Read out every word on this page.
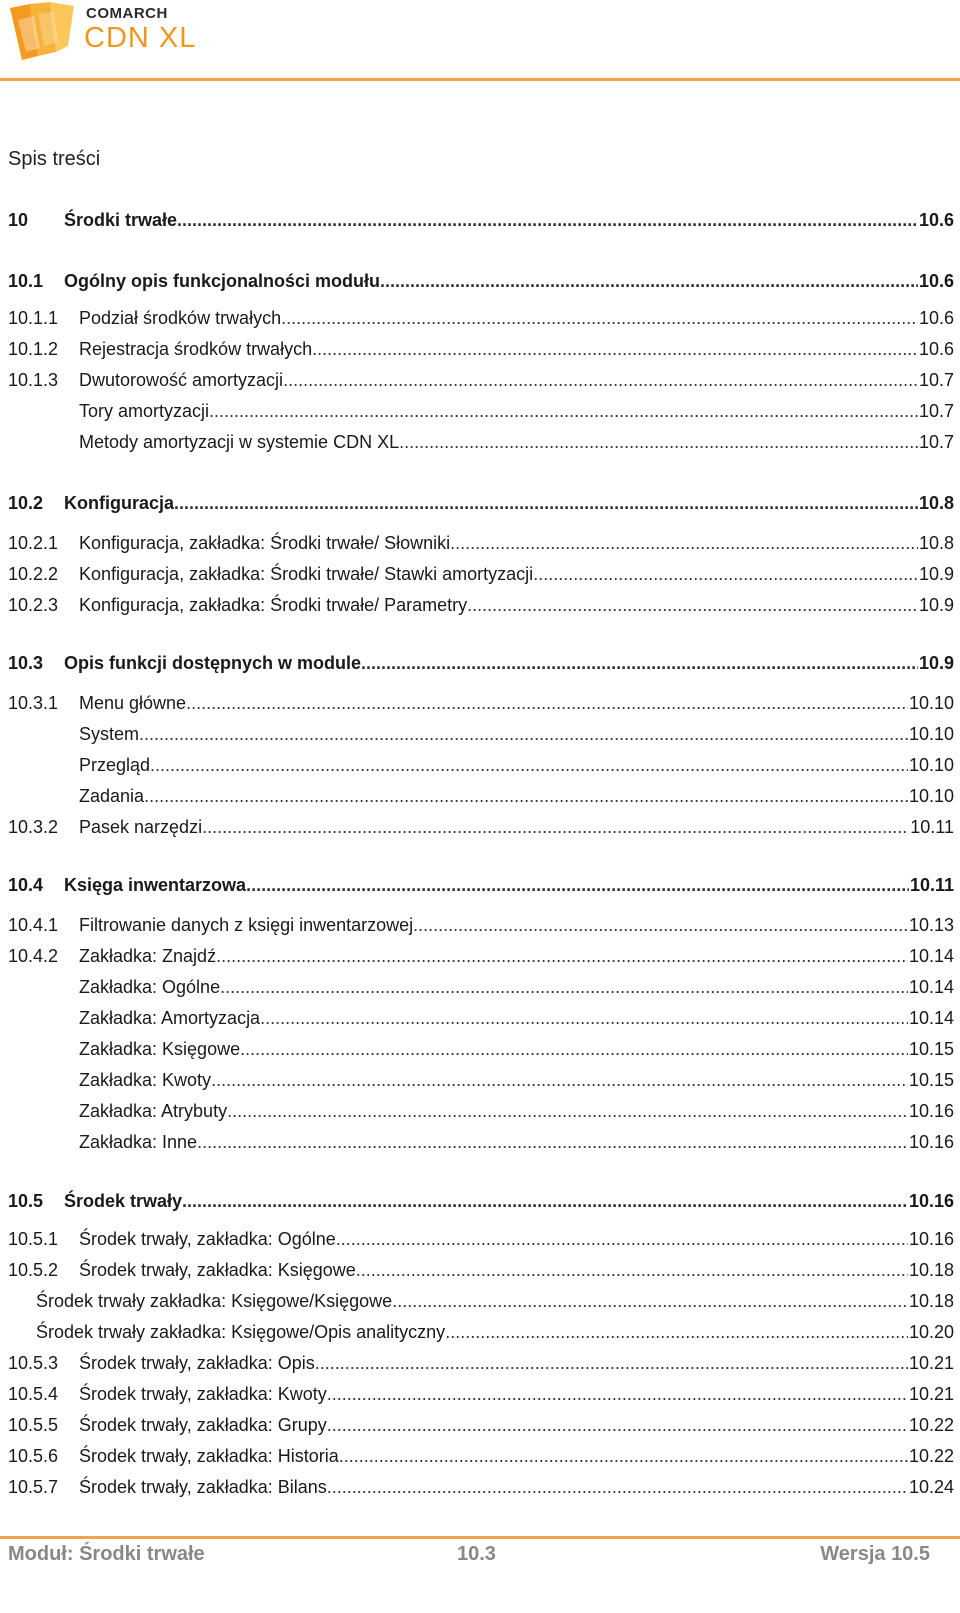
COMARCH
CDN XL
Spis treści
10 Środki trwałe .....	10.6
10.1 Ogólny opis funkcjonalności modułu .....	10.6
10.1.1 Podział środków trwałych .....	10.6
10.1.2 Rejestracja środków trwałych .....	10.6
10.1.3 Dwutorowość amortyzacji .....	10.7
Tory amortyzacji .....	10.7
Metody amortyzacji w systemie CDN XL .....	10.7
10.2 Konfiguracja .....	10.8
10.2.1 Konfiguracja, zakładka: Środki trwałe/ Słowniki .....	10.8
10.2.2 Konfiguracja, zakładka: Środki trwałe/ Stawki amortyzacji .....	10.9
10.2.3 Konfiguracja, zakładka: Środki trwałe/ Parametry .....	10.9
10.3 Opis funkcji dostępnych w module .....	10.9
10.3.1 Menu główne .....	10.10
System .....	10.10
Przegląd .....	10.10
Zadania .....	10.10
10.3.2 Pasek narzędzi .....	10.11
10.4 Księga inwentarzowa .....	10.11
10.4.1 Filtrowanie danych z księgi inwentarzowej .....	10.13
10.4.2 Zakładka: Znajdź .....	10.14
Zakładka: Ogólne .....	10.14
Zakładka: Amortyzacja .....	10.14
Zakładka: Księgowe .....	10.15
Zakładka: Kwoty .....	10.15
Zakładka: Atrybuty .....	10.16
Zakładka: Inne .....	10.16
10.5 Środek trwały .....	10.16
10.5.1 Środek trwały, zakładka: Ogólne .....	10.16
10.5.2 Środek trwały, zakładka: Księgowe .....	10.18
Środek trwały zakładka: Księgowe/Księgowe .....	10.18
Środek trwały zakładka: Księgowe/Opis analityczny .....	10.20
10.5.3 Środek trwały, zakładka: Opis .....	10.21
10.5.4 Środek trwały, zakładka: Kwoty .....	10.21
10.5.5 Środek trwały, zakładka: Grupy .....	10.22
10.5.6 Środek trwały, zakładka: Historia .....	10.22
10.5.7 Środek trwały, zakładka: Bilans .....	10.24
Moduł: Środki trwałe	10.3	Wersja 10.5
